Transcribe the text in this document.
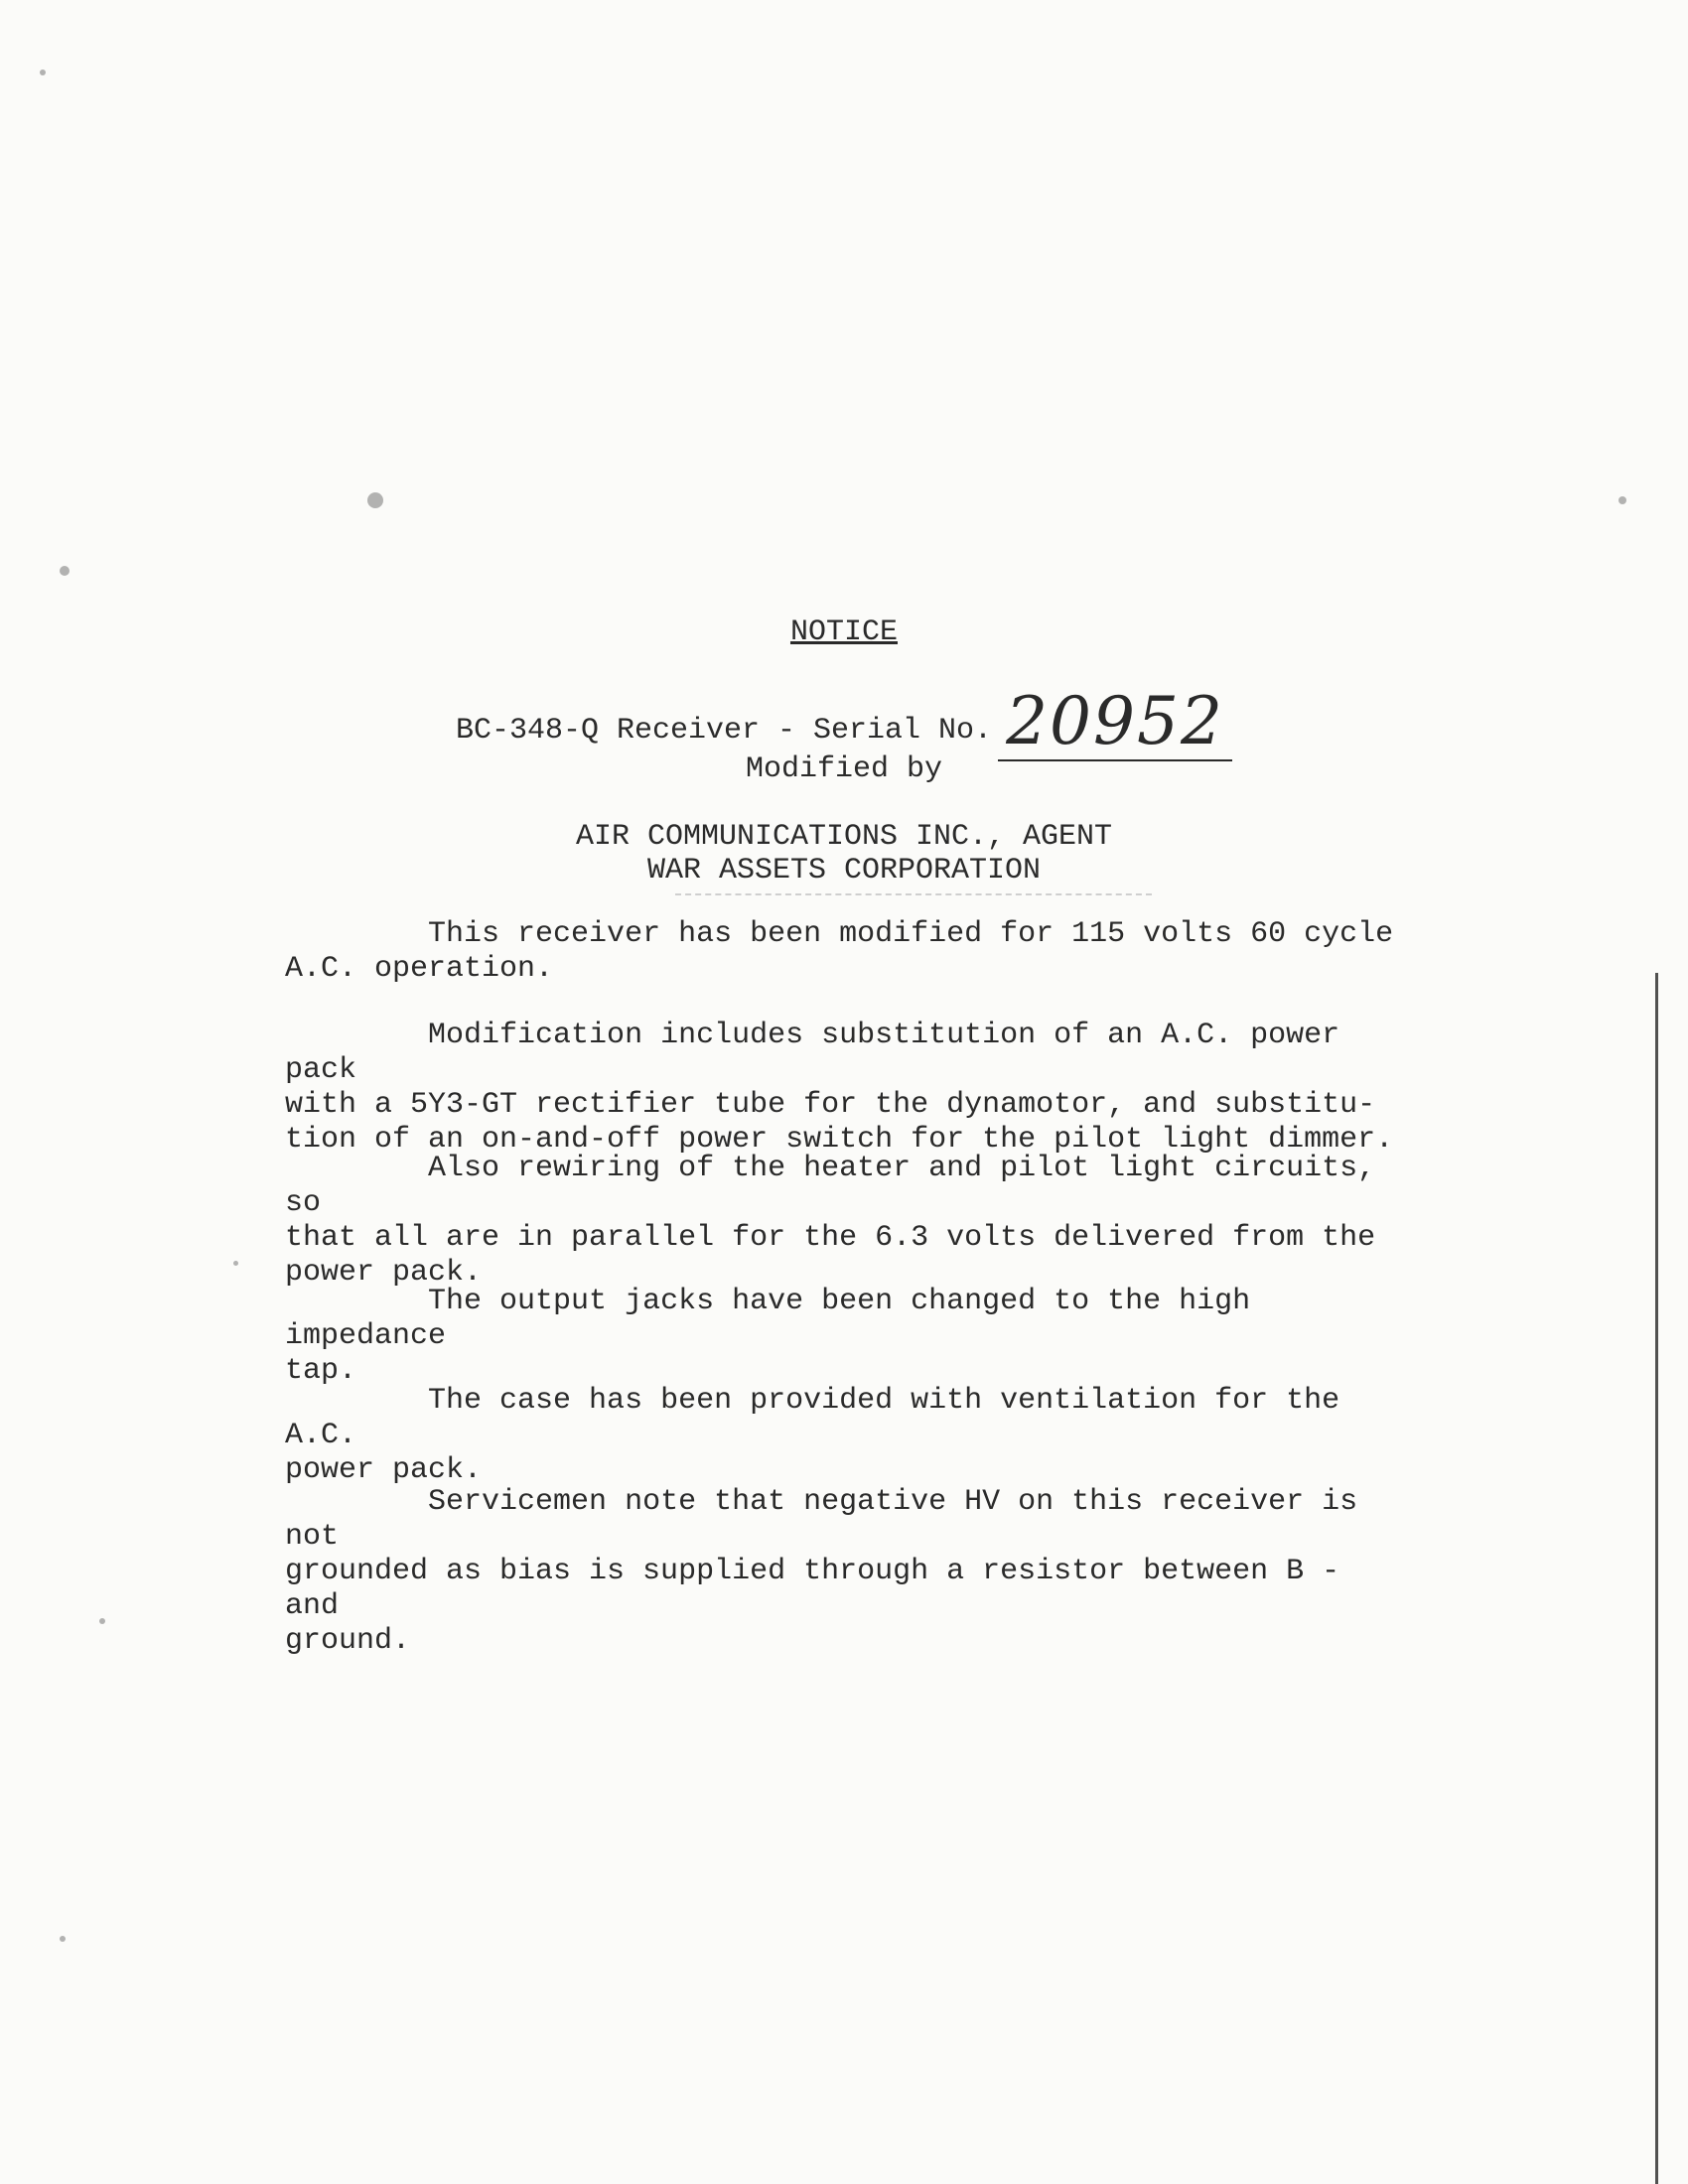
NOTICE
BC-348-Q Receiver - Serial No. 20952
Modified by
AIR COMMUNICATIONS INC., AGENT
WAR ASSETS CORPORATION

This receiver has been modified for 115 volts 60 cycle
A.C. operation.

Modification includes substitution of an A.C. power pack
with a 5Y3-GT rectifier tube for the dynamotor, and substitu-
tion of an on-and-off power switch for the pilot light dimmer.

Also rewiring of the heater and pilot light circuits, so
that all are in parallel for the 6.3 volts delivered from the
power pack.

The output jacks have been changed to the high impedance
tap.

The case has been provided with ventilation for the A.C.
power pack.

Servicemen note that negative HV on this receiver is not
grounded as bias is supplied through a resistor between B - and
ground.
